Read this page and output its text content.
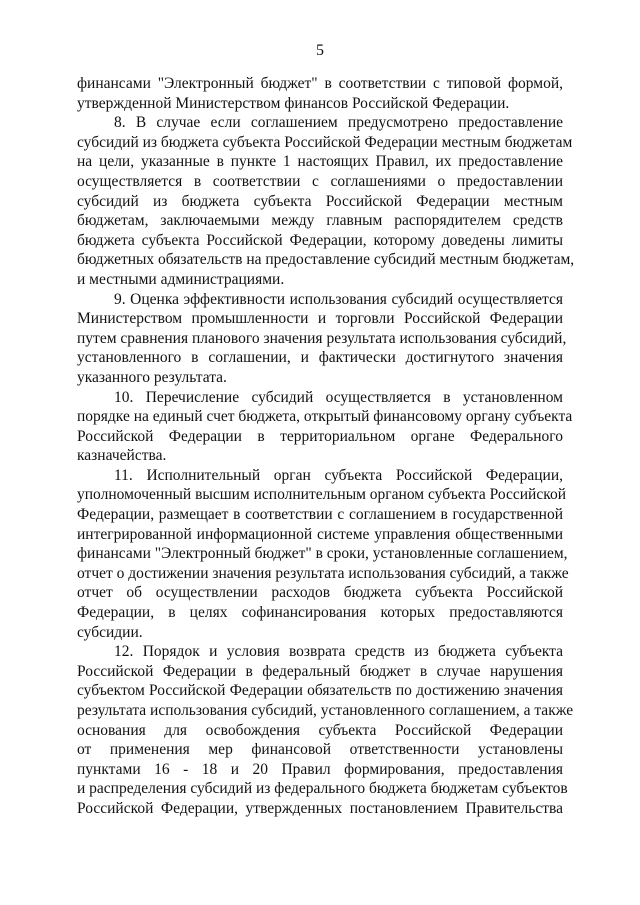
5

финансами "Электронный бюджет" в соответствии с типовой формой,
утвержденной Министерством финансов Российской Федерации.

8. В случае если соглашением предусмотрено предоставление
субсидий из бюджета субъекта Российской Федерации местным бюджетам
на цели, указанные в пункте 1 настоящих Правил, их предоставление
осуществляется в соответствии с соглашениями о предоставлении
субсидий из бюджета субъекта Российской Федерации местным
бюджетам, заключаемыми между главным распорядителем средств
бюджета субъекта Российской Федерации, которому доведены лимиты
бюджетных обязательств на предоставление субсидий местным бюджетам,
и местными администрациями.

9. Оценка эффективности использования субсидий осуществляется
Министерством промышленности и торговли Российской Федерации
путем сравнения планового значения результата использования субсидий,
установленного в соглашении, и фактически достигнутого значения
указанного результата.

10. Перечисление субсидий осуществляется в установленном
порядке на единый счет бюджета, открытый финансовому органу субъекта
Российской Федерации в территориальном органе Федерального
казначейства.

11. Исполнительный орган субъекта Российской Федерации,
уполномоченный высшим исполнительным органом субъекта Российской
Федерации, размещает в соответствии с соглашением в государственной
интегрированной информационной системе управления общественными
финансами "Электронный бюджет" в сроки, установленные соглашением,
отчет о достижении значения результата использования субсидий, а также
отчет об осуществлении расходов бюджета субъекта Российской
Федерации, в целях софинансирования которых предоставляются
субсидии.

12. Порядок и условия возврата средств из бюджета субъекта
Российской Федерации в федеральный бюджет в случае нарушения
субъектом Российской Федерации обязательств по достижению значения
результата использования субсидий, установленного соглашением, а также
основания для освобождения субъекта Российской Федерации
от применения мер финансовой ответственности установлены
пунктами 16 - 18 и 20 Правил формирования, предоставления
и распределения субсидий из федерального бюджета бюджетам субъектов
Российской Федерации, утвержденных постановлением Правительства
